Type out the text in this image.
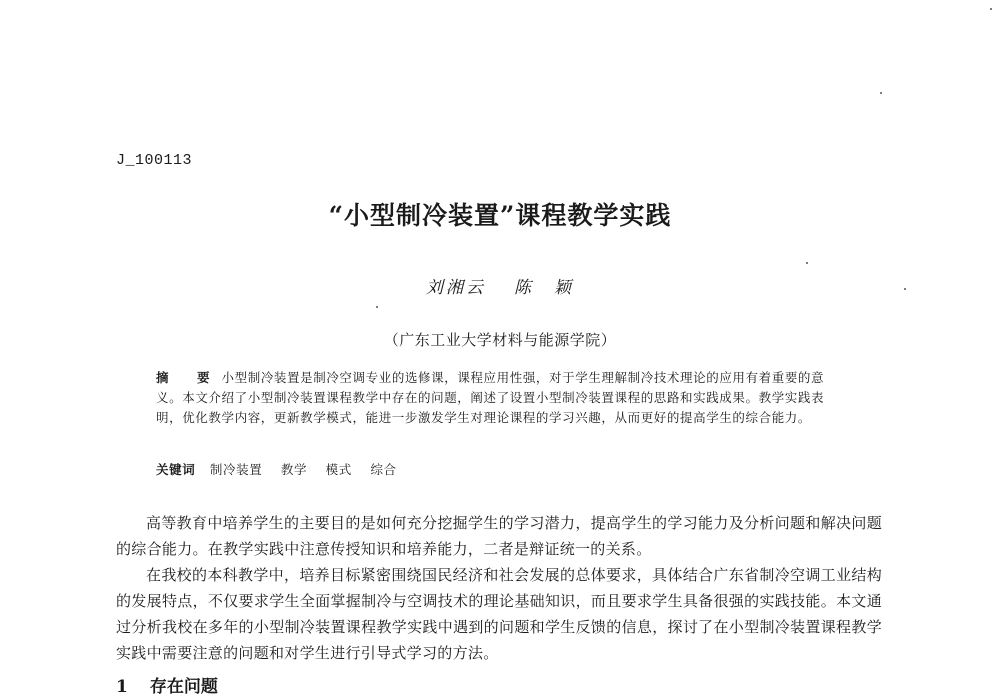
J_100113
“小型制冷装置”课程教学实践
刘湘云 陈　颖
（广东工业大学材料与能源学院）
摘　要 小型制冷装置是制冷空调专业的选修课，课程应用性强，对于学生理解制冷技术理论的应用有着重要的意义。本文介绍了小型制冷装置课程教学中存在的问题，阐述了设置小型制冷装置课程的思路和实践成果。教学实践表明，优化教学内容，更新教学模式，能进一步激发学生对理论课程的学习兴趣，从而更好的提高学生的综合能力。
关键词 制冷装置 教学 模式 综合

高等教育中培养学生的主要目的是如何充分挖掘学生的学习潜力，提高学生的学习能力及分析问题和解决问题的综合能力。在教学实践中注意传授知识和培养能力，二者是辩证统一的关系。

在我校的本科教学中，培养目标紧密围绕国民经济和社会发展的总体要求，具体结合广东省制冷空调工业结构的发展特点，不仅要求学生全面掌握制冷与空调技术的理论基础知识，而且要求学生具备很强的实践技能。本文通过分析我校在多年的小型制冷装置课程教学实践中遇到的问题和学生反馈的信息，探讨了在小型制冷装置课程教学实践中需要注意的问题和对学生进行引导式学习的方法。

1 存在问题
